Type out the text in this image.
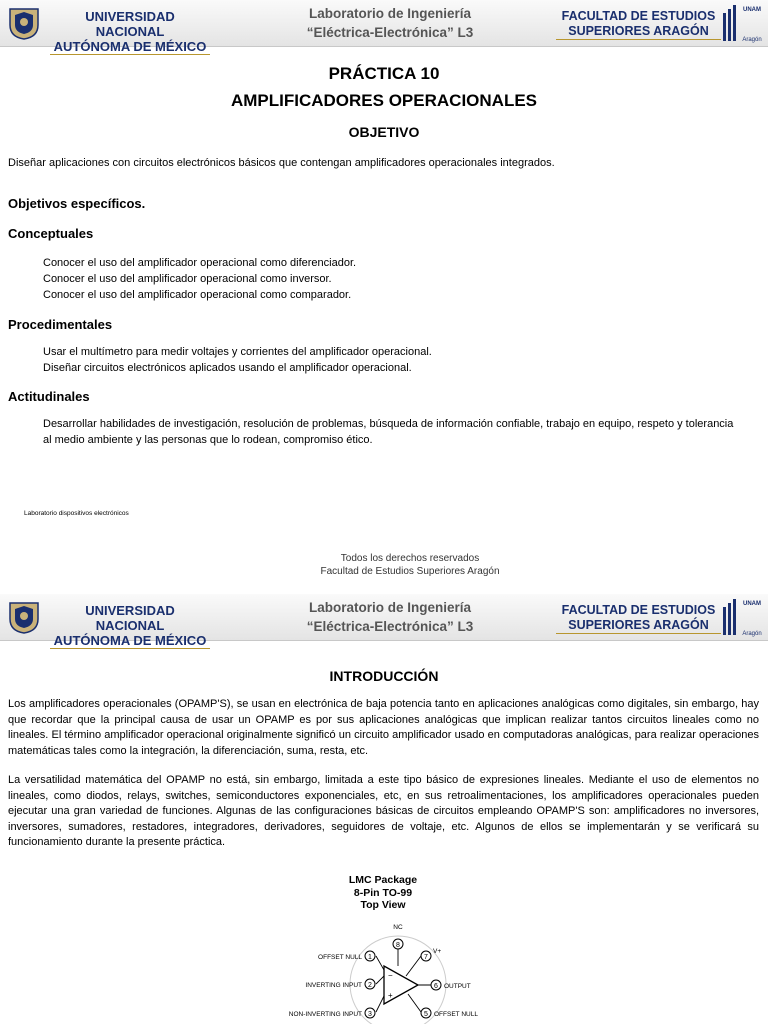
UNIVERSIDAD NACIONAL
AUTÓNOMA DE MÉXICO
Laboratorio de Ingeniería
“Eléctrica-Electrónica” L3
FACULTAD DE ESTUDIOS
SUPERIORES ARAGÓN
UNAM
Aragón
PRÁCTICA 10
AMPLIFICADORES OPERACIONALES
OBJETIVO
Diseñar aplicaciones con circuitos electrónicos básicos que contengan amplificadores operacionales integrados.
Objetivos específicos.
Conceptuales
Conocer el uso del amplificador operacional como diferenciador.
Conocer el uso del amplificador operacional como inversor.
Conocer el uso del amplificador operacional como comparador.
Procedimentales
Usar el multímetro para medir voltajes y corrientes del amplificador operacional.
Diseñar circuitos electrónicos aplicados usando el amplificador operacional.
Actitudinales
Desarrollar habilidades de investigación, resolución de problemas, búsqueda de información confiable, trabajo en equipo, respeto y tolerancia al medio ambiente y las personas que lo rodean, compromiso ético.
Laboratorio dispositivos electrónicos
Todos los derechos reservados
Facultad de Estudios Superiores Aragón
UNIVERSIDAD NACIONAL
AUTÓNOMA DE MÉXICO
Laboratorio de Ingeniería
“Eléctrica-Electrónica” L3
FACULTAD DE ESTUDIOS
SUPERIORES ARAGÓN
UNAM
Aragón
INTRODUCCIÓN
Los amplificadores operacionales (OPAMP'S), se usan en electrónica de baja potencia tanto en aplicaciones analógicas como digitales, sin embargo, hay que recordar que la principal causa de usar un OPAMP es por sus aplicaciones analógicas que implican realizar tantos circuitos lineales como no lineales. El término amplificador operacional originalmente significó un circuito amplificador usado en computadoras analógicas, para realizar operaciones matemáticas tales como la integración, la diferenciación, suma, resta, etc.
La versatilidad matemática del OPAMP no está, sin embargo, limitada a este tipo básico de expresiones lineales. Mediante el uso de elementos no lineales, como diodos, relays, switches, semiconductores exponenciales, etc, en sus retroalimentaciones, los amplificadores operacionales pueden ejecutar una gran variedad de funciones. Algunas de las configuraciones básicas de circuitos empleando OPAMP'S son: amplificadores no inversores, inversores, sumadores, restadores, integradores, derivadores, seguidores de voltaje, etc. Algunos de ellos se implementarán y se verificará su funcionamiento durante la presente práctica.
LMC Package
8-Pin TO-99
Top View
−
+
8
1	7
2	6
3	5
NC
OFFSET NULL
V+
INVERTING INPUT	OUTPUT
NON-INVERTING INPUT	OFFSET NULL
